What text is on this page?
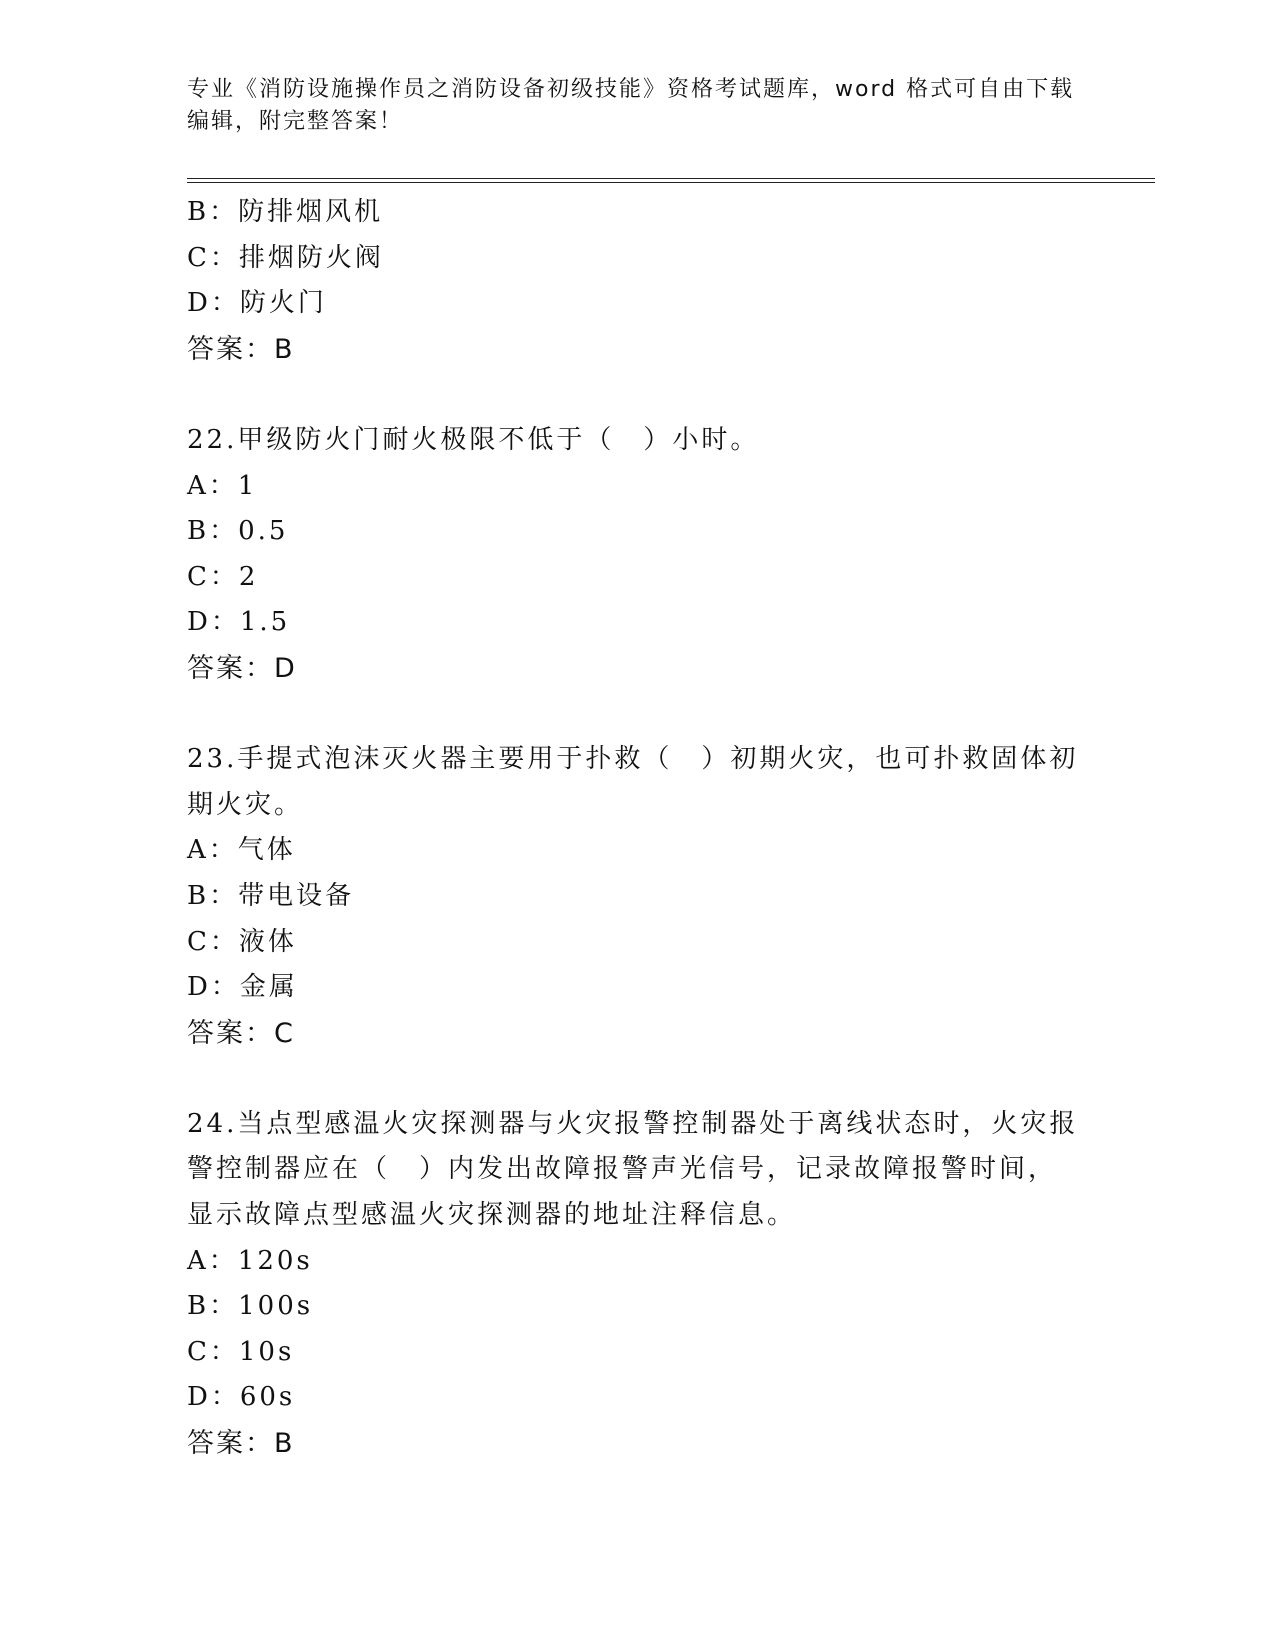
专业《消防设施操作员之消防设备初级技能》资格考试题库，word 格式可自由下载编辑，附完整答案！
B：防排烟风机
C：排烟防火阀
D：防火门
答案：B
22.甲级防火门耐火极限不低于（　）小时。
A：1
B：0.5
C：2
D：1.5
答案：D
23.手提式泡沫灭火器主要用于扑救（　）初期火灾，也可扑救固体初
期火灾。
A：气体
B：带电设备
C：液体
D：金属
答案：C
24.当点型感温火灾探测器与火灾报警控制器处于离线状态时，火灾报
警控制器应在（　）内发出故障报警声光信号，记录故障报警时间，
显示故障点型感温火灾探测器的地址注释信息。
A：120s
B：100s
C：10s
D：60s
答案：B
